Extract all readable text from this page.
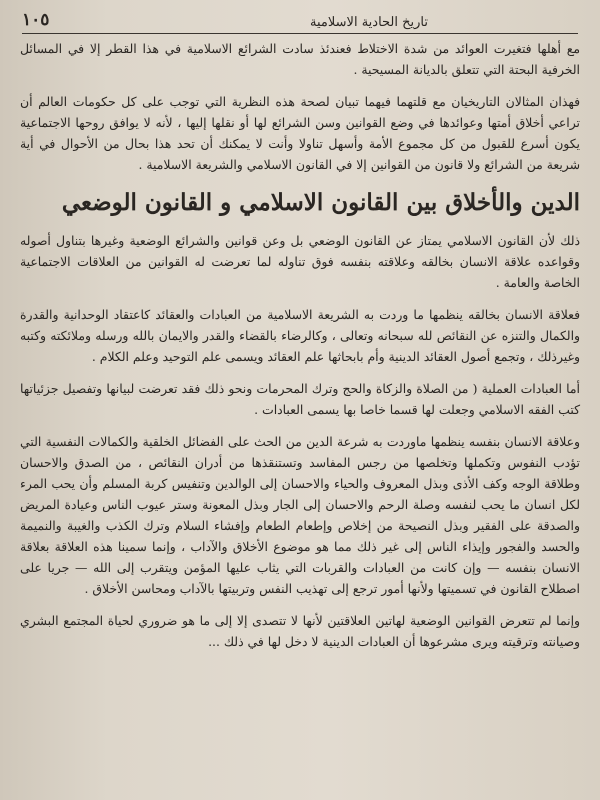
١٠٥	تاريخ الحادية الاسلامية

مع أهلها فتغيرت العوائد من شدة الاختلاط فعندئذ سادت الشرائع الاسلامية في هذا القطر إلا في المسائل الخرفية البحتة التي تتعلق بالديانة المسيحية .

فهذان المثالان التاريخيان مع قلتهما فيهما تبيان لصحة هذه النظرية التي توجب على كل حكومات العالم أن تراعي أخلاق أمتها وعوائدها في وضع القوانين وسن الشرائع لها أو نقلها إليها ، لأنه لا يوافق روحها الاجتماعية يكون أسرع للقبول من كل مجموع الأمة وأسهل تناولا وأنت لا يمكنك أن تحد هذا بحال من الأحوال في أية شريعة من الشرائع ولا قانون من القوانين إلا في القانون الاسلامي والشريعة الاسلامية .

الدين والأخلاق بين القانون الاسلامي و القانون الوضعي

ذلك لأن القانون الاسلامي يمتاز عن القانون الوضعي بل وعن قوانين والشرائع الوضعية وغيرها بتناول أصوله وقواعده علاقة الانسان بخالقه وعلاقته بنفسه فوق تناوله لما تعرضت له القوانين من العلاقات الاجتماعية الخاصة والعامة .

فعلاقة الانسان بخالقه ينظمها ما وردت به الشريعة الاسلامية من العبادات والعقائد كاعتقاد الوحدانية والقدرة والكمال والتنزه عن النقائص لله سبحانه وتعالى ، وكالرضاء بالقضاء والقدر والايمان بالله ورسله وملائكته وكتبه وغيرذلك ، وتجمع أصول العقائد الدينية وأم بابحاثها علم العقائد ويسمى علم التوحيد وعلم الكلام .

أما العبادات العملية ( من الصلاة والزكاة والحج وترك المحرمات ونحو ذلك فقد تعرضت لبيانها وتفصيل جزئياتها كتب الفقه الاسلامي وجعلت لها قسما خاصا بها يسمى العبادات .

وعلاقة الانسان بنفسه ينظمها ماوردت به شرعة الدين من الحث على الفضائل الخلقية والكمالات النفسية التي تؤدب النفوس وتكملها وتخلصها من رجس المفاسد وتستنقذها من أدران النقائص ، من الصدق والاحسان وطلاقة الوجه وكف الأذى وبذل المعروف والحياء والاحسان إلى الوالدين وتنفيس كربة المسلم وأن يحب المرء لكل انسان ما يحب لنفسه وصلة الرحم والاحسان إلى الجار وبذل المعونة وستر عيوب الناس وعيادة المريض والصدقة على الفقير وبذل النصيحة من إخلاص وإطعام الطعام وإفشاء السلام وترك الكذب والغيبة والنميمة والحسد والفجور وإيذاء الناس إلى غير ذلك مما هو موضوع الأخلاق والآداب ، وإنما سمينا هذه العلاقة بعلاقة الانسان بنفسه — وإن كانت من العبادات والقربات التي يثاب عليها المؤمن ويتقرب إلى الله — جريا على اصطلاح القانون في تسميتها ولأنها أمور ترجع إلى تهذيب النفس وتربيتها بالآداب ومحاسن الأخلاق .

وإنما لم تتعرض القوانين الوضعية لهاتين العلاقتين لأنها لا تتصدى إلا إلى ما هو ضروري لحياة المجتمع البشري وصيانته وترقيته ويرى مشرعوها أن العبادات الدينية لا دخل لها في ذلك ...
